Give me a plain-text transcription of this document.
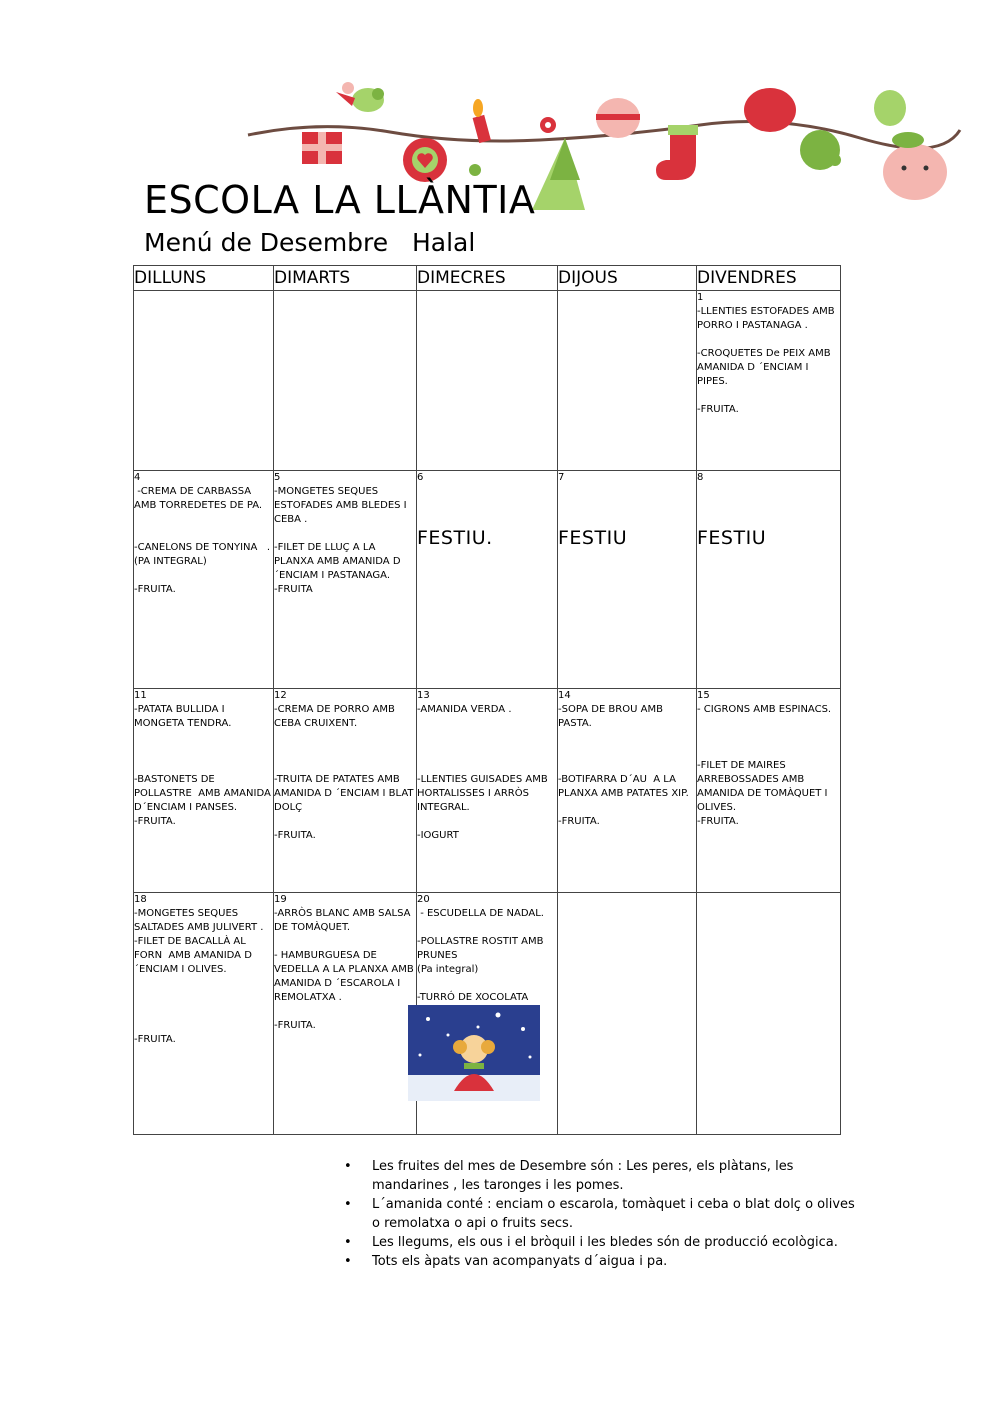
ESCOLA LA LLÀNTIA
Menú de Desembre   Halal
DILLUNS	DIMARTS	DIMECRES	DIJOUS	DIVENDRES

				1
-LLENTIES ESTOFADES AMB PORRO I PASTANAGA .
-CROQUETES De PEIX AMB AMANIDA D ´ENCIAM I PIPES.
-FRUITA.

4
-CREMA DE CARBASSA AMB TORREDETES DE PA.
-CANELONS DE TONYINA   .
(PA INTEGRAL)
-FRUITA.	5
-MONGETES SEQUES ESTOFADES AMB BLEDES I CEBA .
-FILET DE LLUÇ A LA PLANXA AMB AMANIDA D´ENCIAM I PASTANAGA.
-FRUITA	6
FESTIU.	7
FESTIU	8
FESTIU

11
-PATATA BULLIDA I MONGETA TENDRA.
-BASTONETS DE POLLASTRE  AMB AMANIDA D´ENCIAM I PANSES.
-FRUITA.	12
-CREMA DE PORRO AMB CEBA CRUIXENT.
-TRUITA DE PATATES AMB AMANIDA D ´ENCIAM I BLAT DOLÇ
-FRUITA.	13
-AMANIDA VERDA .
-LLENTIES GUISADES AMB HORTALISSES I ARRÒS INTEGRAL.
-IOGURT	14
-SOPA DE BROU AMB PASTA.
-BOTIFARRA D´AU  A LA PLANXA AMB PATATES XIP.
-FRUITA.	15
- CIGRONS AMB ESPINACS.
-FILET DE MAIRES ARREBOSSADES AMB AMANIDA DE TOMÀQUET I OLIVES.
-FRUITA.

18
-MONGETES SEQUES SALTADES AMB JULIVERT .
-FILET DE BACALLÀ AL FORN  AMB AMANIDA D ´ENCIAM I OLIVES.
-FRUITA.	19
-ARRÒS BLANC AMB SALSA DE TOMÀQUET.
- HAMBURGUESA DE VEDELLA A LA PLANXA AMB AMANIDA D ´ESCAROLA I REMOLATXA .
-FRUITA.	20
- ESCUDELLA DE NADAL.
-POLLASTRE ROSTIT AMB PRUNES
(Pa integral)
-TURRÓ DE XOCOLATA		

• Les fruites del mes de Desembre són : Les peres, els plàtans, les mandarines , les taronges i les pomes.
• L´amanida conté : enciam o escarola, tomàquet i ceba o blat dolç o olives o remolatxa o api o fruits secs.
• Les llegums, els ous i el bròquil i les bledes són de producció ecològica.
• Tots els àpats van acompanyats d´aigua i pa.
